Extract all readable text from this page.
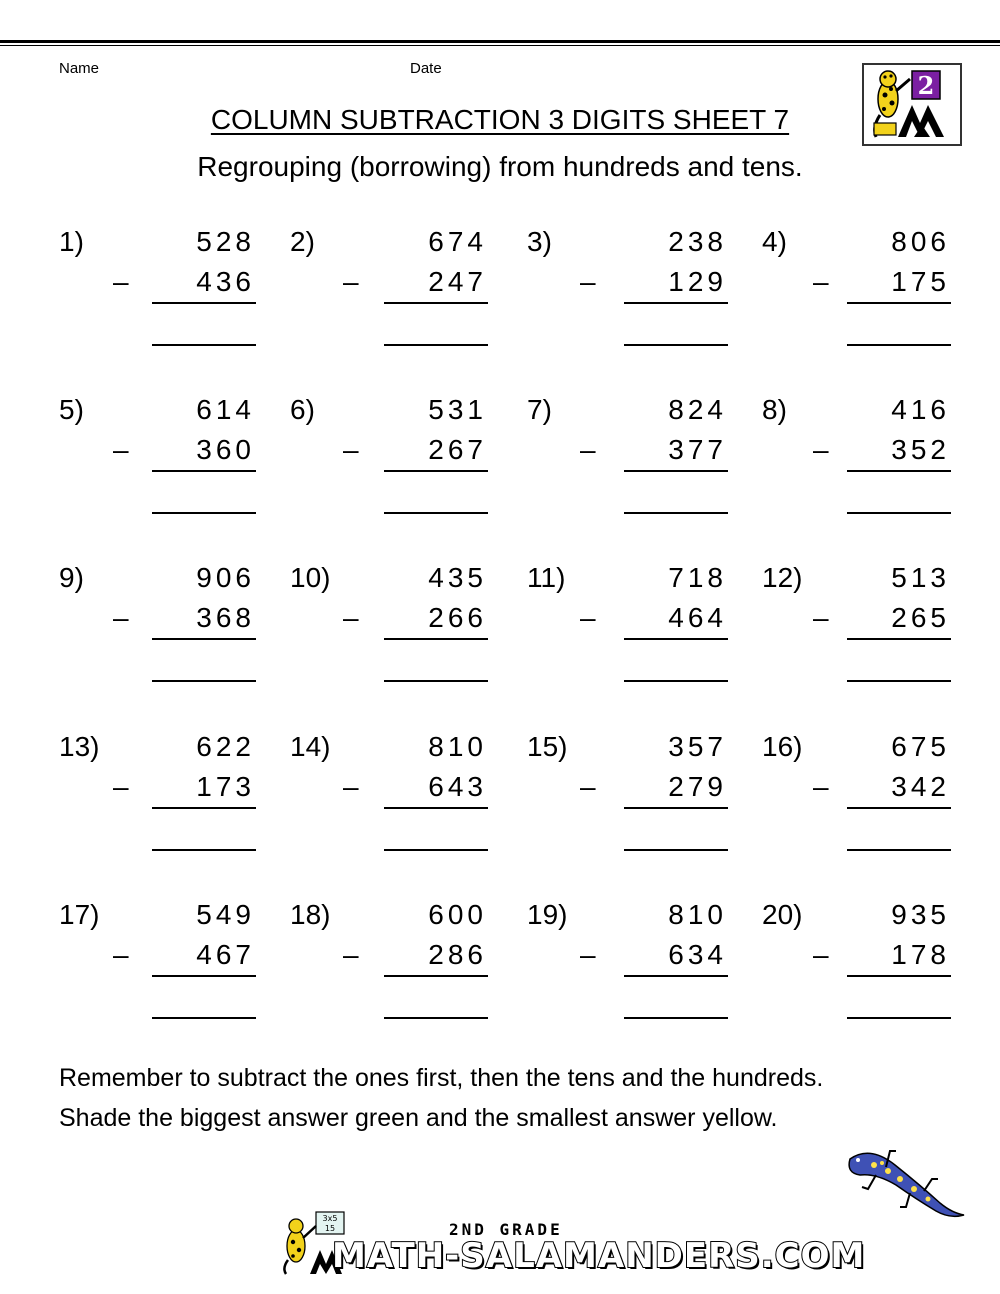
Name	Date
2
COLUMN SUBTRACTION 3 DIGITS SHEET 7
Regrouping (borrowing) from hundreds and tens.
1)	528
–	436
2)	674
–	247
3)	238
–	129
4)	806
–	175
5)	614
–	360
6)	531
–	267
7)	824
–	377
8)	416
–	352
9)	906
–	368
10)	435
–	266
11)	718
–	464
12)	513
–	265
13)	622
–	173
14)	810
–	643
15)	357
–	279
16)	675
–	342
17)	549
–	467
18)	600
–	286
19)	810
–	634
20)	935
–	178
Remember to subtract the ones first, then the tens and the hundreds.
Shade the biggest answer green and the smallest answer yellow.
3x5
15	2ND GRADE
MATH-SALAMANDERS.COM
